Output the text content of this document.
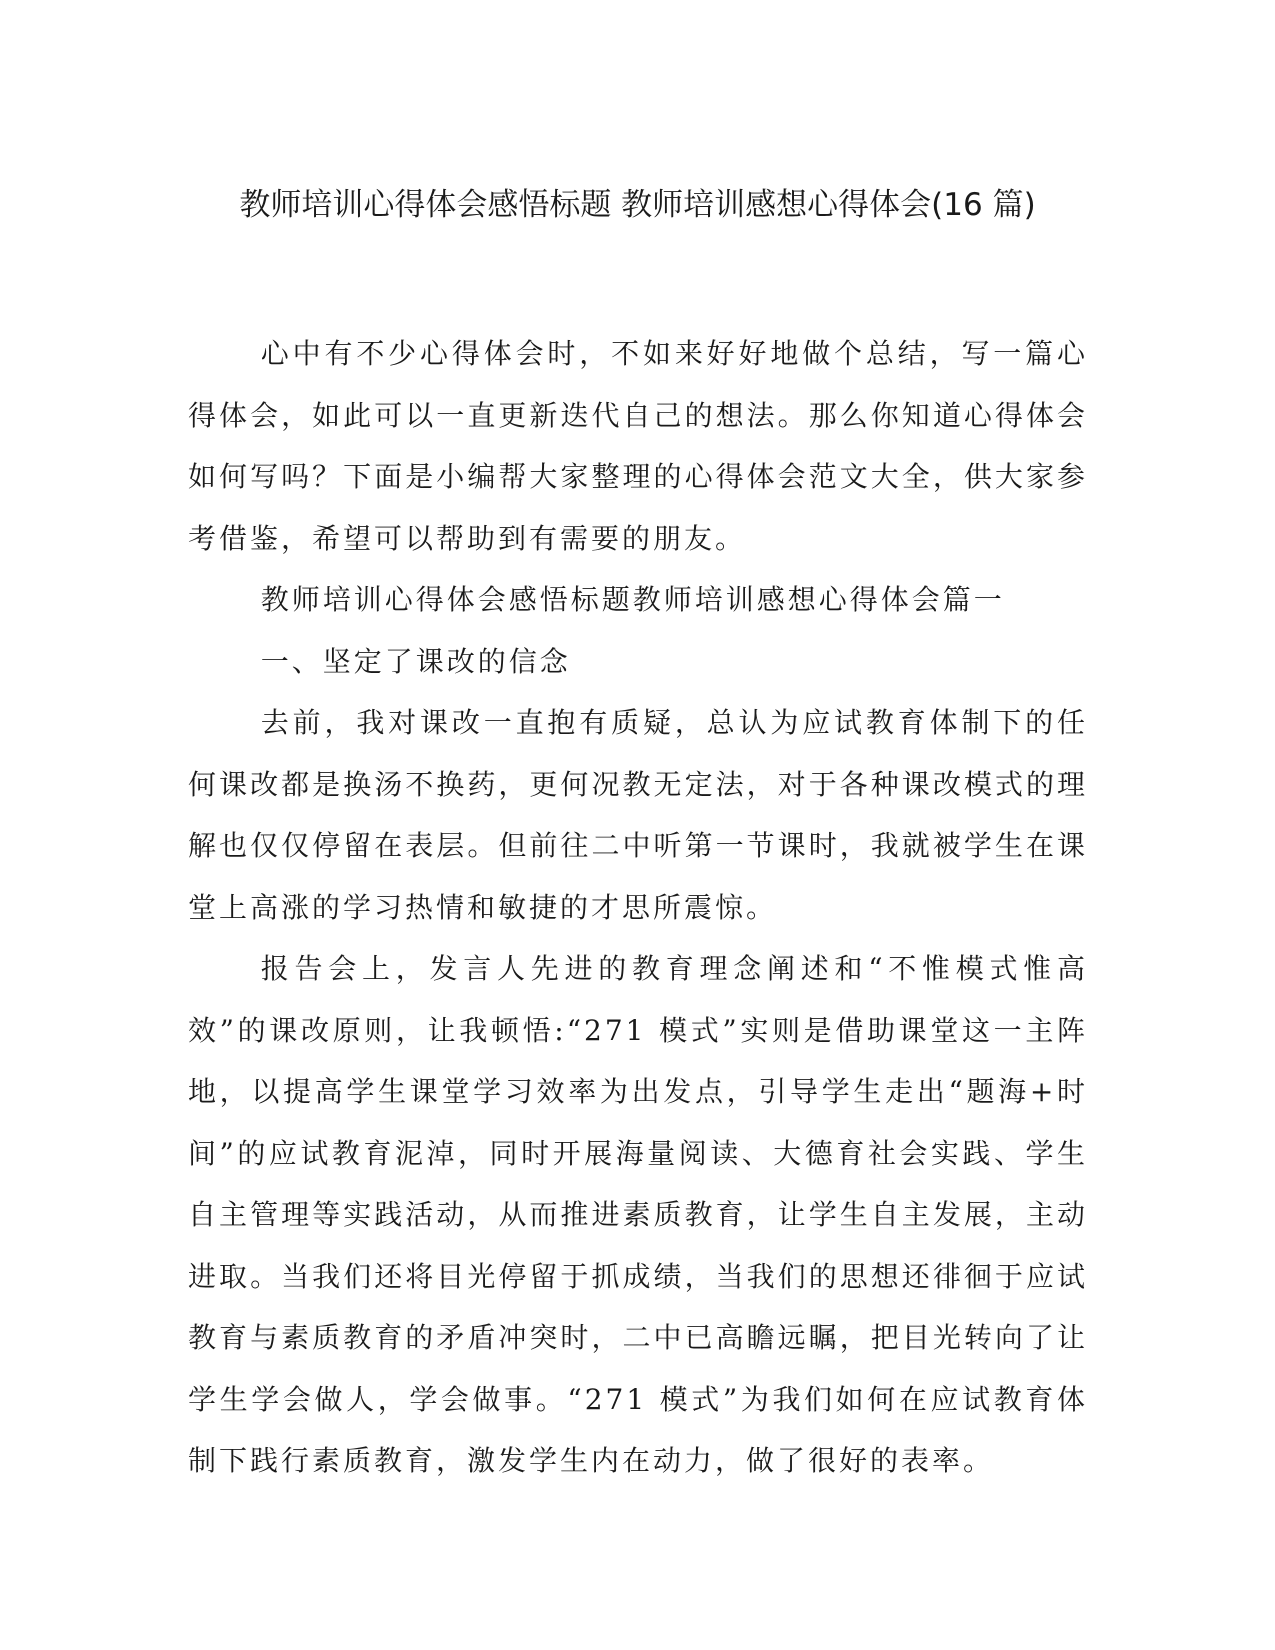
教师培训心得体会感悟标题 教师培训感想心得体会(16 篇)

心中有不少心得体会时，不如来好好地做个总结，写一篇心得体会，如此可以一直更新迭代自己的想法。那么你知道心得体会如何写吗？下面是小编帮大家整理的心得体会范文大全，供大家参考借鉴，希望可以帮助到有需要的朋友。

教师培训心得体会感悟标题教师培训感想心得体会篇一

一、坚定了课改的信念

去前，我对课改一直抱有质疑，总认为应试教育体制下的任何课改都是换汤不换药，更何况教无定法，对于各种课改模式的理解也仅仅停留在表层。但前往二中听第一节课时，我就被学生在课堂上高涨的学习热情和敏捷的才思所震惊。

报告会上，发言人先进的教育理念阐述和“不惟模式惟高效”的课改原则，让我顿悟:“271 模式”实则是借助课堂这一主阵地，以提高学生课堂学习效率为出发点，引导学生走出“题海+时间”的应试教育泥淖，同时开展海量阅读、大德育社会实践、学生自主管理等实践活动，从而推进素质教育，让学生自主发展，主动进取。当我们还将目光停留于抓成绩，当我们的思想还徘徊于应试教育与素质教育的矛盾冲突时，二中已高瞻远瞩，把目光转向了让学生学会做人，学会做事。“271 模式”为我们如何在应试教育体制下践行素质教育，激发学生内在动力，做了很好的表率。
